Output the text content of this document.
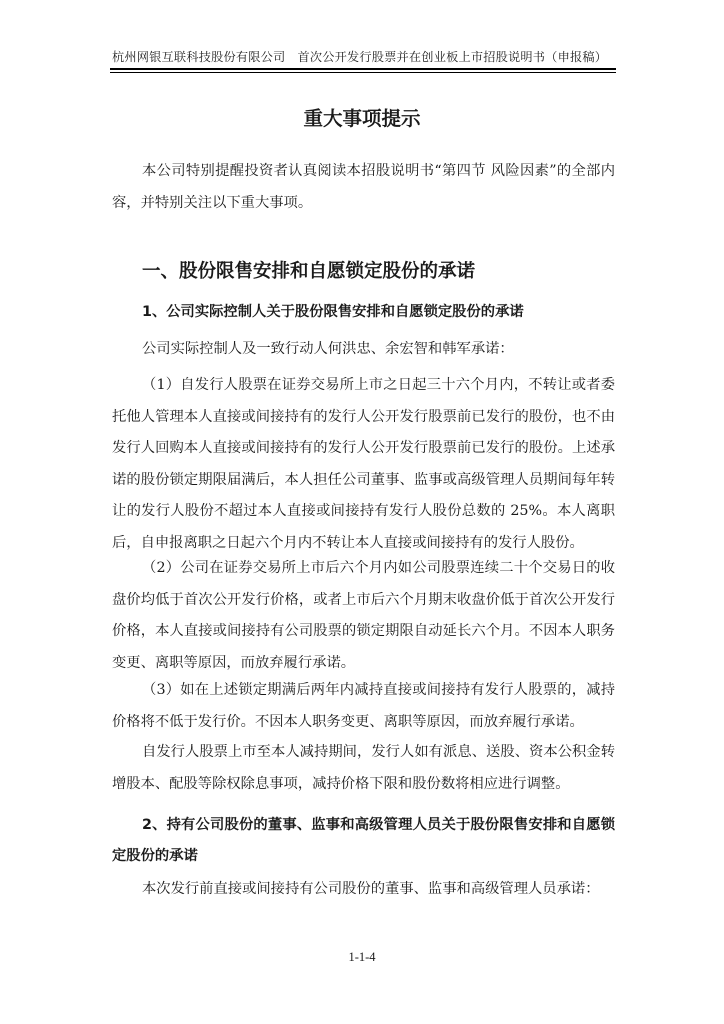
杭州网银互联科技股份有限公司 首次公开发行股票并在创业板上市招股说明书（申报稿）
重大事项提示

本公司特别提醒投资者认真阅读本招股说明书“第四节 风险因素”的全部内容，并特别关注以下重大事项。

一、股份限售安排和自愿锁定股份的承诺

1、公司实际控制人关于股份限售安排和自愿锁定股份的承诺

公司实际控制人及一致行动人何洪忠、余宏智和韩军承诺：

（1）自发行人股票在证券交易所上市之日起三十六个月内，不转让或者委托他人管理本人直接或间接持有的发行人公开发行股票前已发行的股份，也不由发行人回购本人直接或间接持有的发行人公开发行股票前已发行的股份。上述承诺的股份锁定期限届满后，本人担任公司董事、监事或高级管理人员期间每年转让的发行人股份不超过本人直接或间接持有发行人股份总数的 25%。本人离职后，自申报离职之日起六个月内不转让本人直接或间接持有的发行人股份。

（2）公司在证券交易所上市后六个月内如公司股票连续二十个交易日的收盘价均低于首次公开发行价格，或者上市后六个月期末收盘价低于首次公开发行价格，本人直接或间接持有公司股票的锁定期限自动延长六个月。不因本人职务变更、离职等原因，而放弃履行承诺。

（3）如在上述锁定期满后两年内减持直接或间接持有发行人股票的，减持价格将不低于发行价。不因本人职务变更、离职等原因，而放弃履行承诺。

自发行人股票上市至本人减持期间，发行人如有派息、送股、资本公积金转增股本、配股等除权除息事项，减持价格下限和股份数将相应进行调整。

2、持有公司股份的董事、监事和高级管理人员关于股份限售安排和自愿锁定股份的承诺

本次发行前直接或间接持有公司股份的董事、监事和高级管理人员承诺：

1-1-4
